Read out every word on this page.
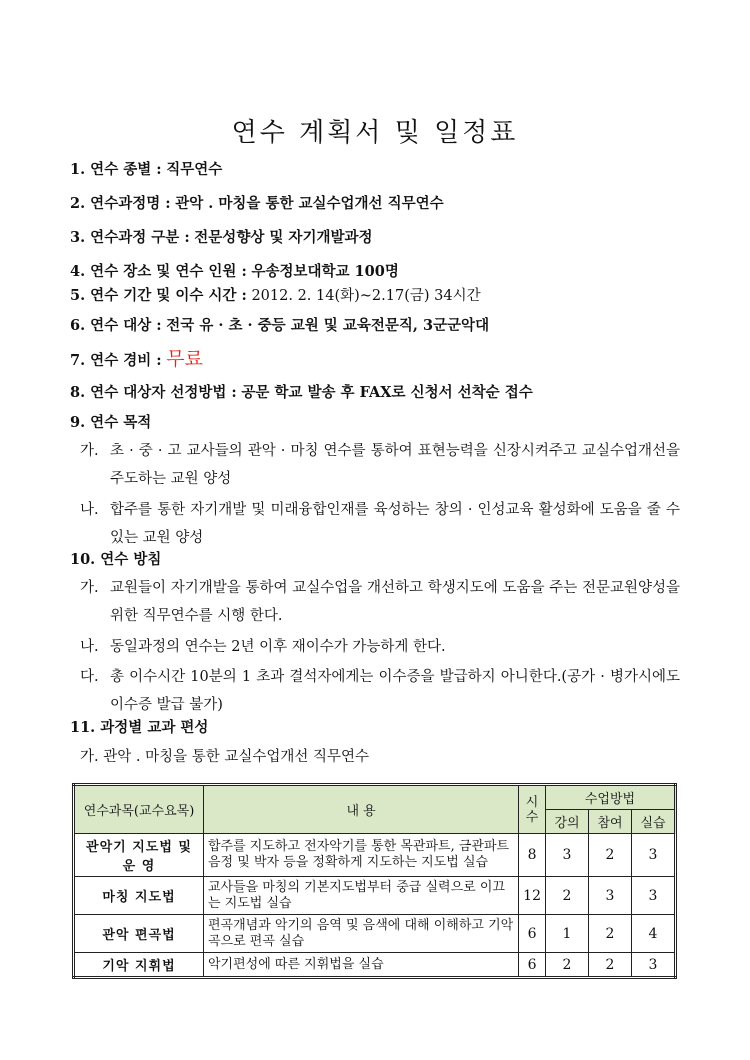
연수 계획서 및 일정표
1. 연수 종별 : 직무연수
2. 연수과정명 : 관악 . 마칭을 통한 교실수업개선 직무연수
3. 연수과정 구분 : 전문성향상 및 자기개발과정
4. 연수 장소 및 연수 인원 : 우송정보대학교 100명
5. 연수 기간 및 이수 시간 : 2012. 2. 14(화)~2.17(금) 34시간
6. 연수 대상 : 전국 유 · 초 · 중등 교원 및 교육전문직, 3군군악대
7. 연수 경비 : 무료
8. 연수 대상자 선정방법 : 공문 학교 발송 후 FAX로 신청서 선착순 접수
9. 연수 목적
가. 초 · 중 · 고 교사들의 관악 · 마칭 연수를 통하여 표현능력을 신장시켜주고 교실수업개선을 주도하는 교원 양성
나. 합주를 통한 자기개발 및 미래융합인재를 육성하는 창의 · 인성교육 활성화에 도움을 줄 수 있는 교원 양성
10. 연수 방침
가. 교원들이 자기개발을 통하여 교실수업을 개선하고 학생지도에 도움을 주는 전문교원양성을 위한 직무연수를 시행 한다.
나. 동일과정의 연수는 2년 이후 재이수가 가능하게 한다.
다. 총 이수시간 10분의 1 초과 결석자에게는 이수증을 발급하지 아니한다.(공가 · 병가시에도 이수증 발급 불가)
11. 과정별 교과 편성
가. 관악 . 마칭을 통한 교실수업개선 직무연수
연수과목(교수요목)	내 용	시수	수업방법		
			강의	참여	실습
관악기 지도법 및 운 영	합주를 지도하고 전자악기를 통한 목관파트, 금관파트 음정 및 박자 등을 정확하게 지도하는 지도법 실습	8	3	2	3
마칭 지도법	교사들을 마칭의 기본지도법부터 중급 실력으로 이끄는 지도법 실습	12	2	3	3
관악 편곡법	편곡개념과 악기의 음역 및 음색에 대해 이해하고 기악곡으로 편곡 실습	6	1	2	4
기악 지휘법	악기편성에 따른 지휘법을 실습	6	2	2	3
